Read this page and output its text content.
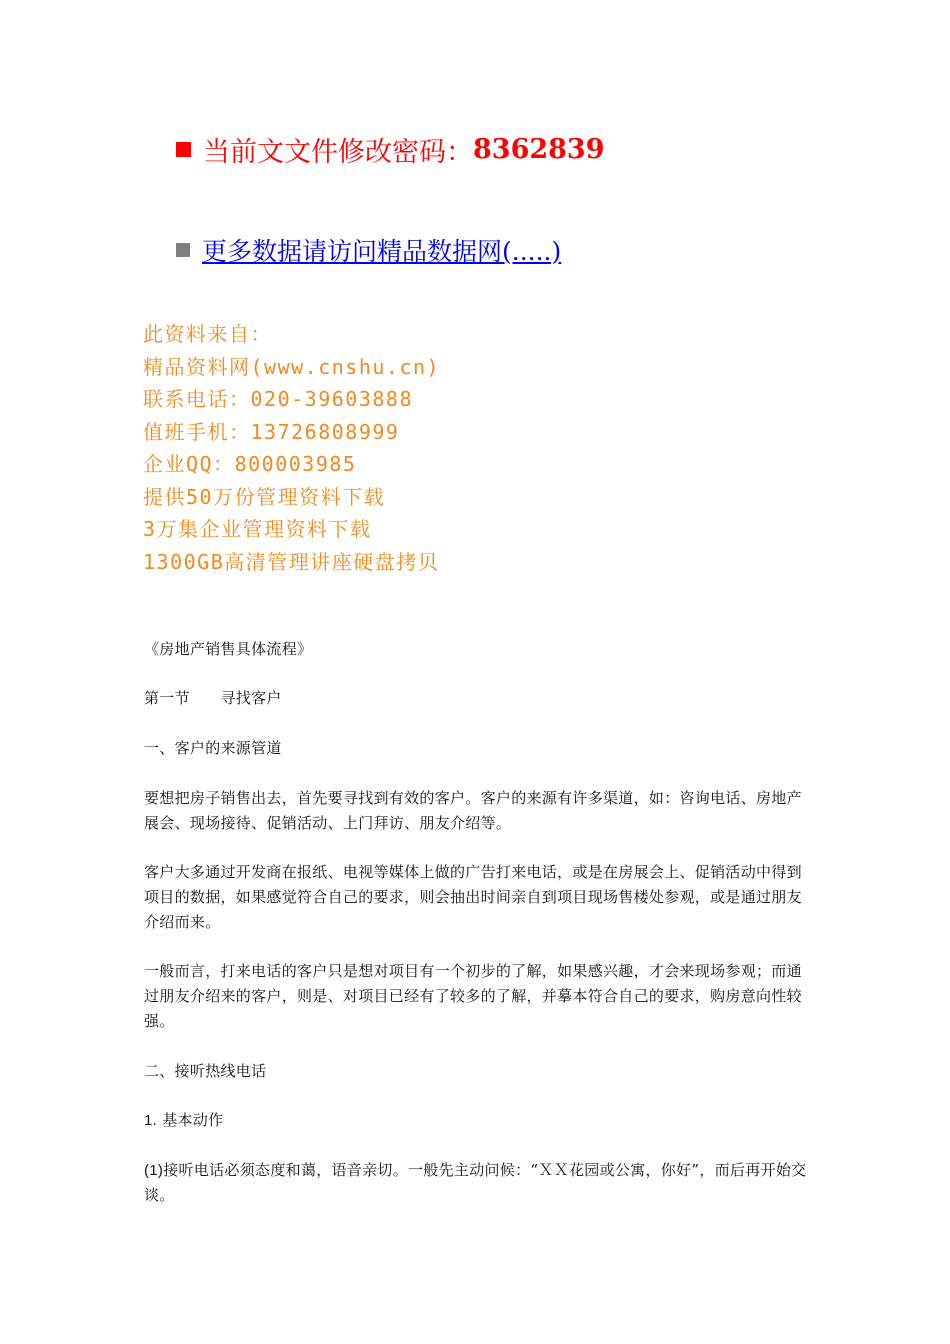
当前文文件修改密码： 8362839
更多数据请访问精品数据网(.....)
此资料来自：
精品资料网(www.cnshu.cn)
联系电话：020-39603888
值班手机：13726808999
企业QQ：800003985
提供50万份管理资料下载
3万集企业管理资料下载
1300GB高清管理讲座硬盘拷贝
《房地产销售具体流程》
第一节　　寻找客户
一、客户的来源管道
要想把房子销售出去，首先要寻找到有效的客户。客户的来源有许多渠道，如：咨询电话、房地产展会、现场接待、促销活动、上门拜访、朋友介绍等。
客户大多通过开发商在报纸、电视等媒体上做的广告打来电话，或是在房展会上、促销活动中得到项目的数据，如果感觉符合自己的要求，则会抽出时间亲自到项目现场售楼处参观，或是通过朋友介绍而来。
一般而言，打来电话的客户只是想对项目有一个初步的了解，如果感兴趣，才会来现场参观；而通过朋友介绍来的客户，则是、对项目已经有了较多的了解，并摹本符合自己的要求，购房意向性较强。
二、接听热线电话
1. 基本动作
(1)接听电话必须态度和蔼，语音亲切。一般先主动问候：“ＸＸ花园或公寓，你好”，而后再开始交谈。
